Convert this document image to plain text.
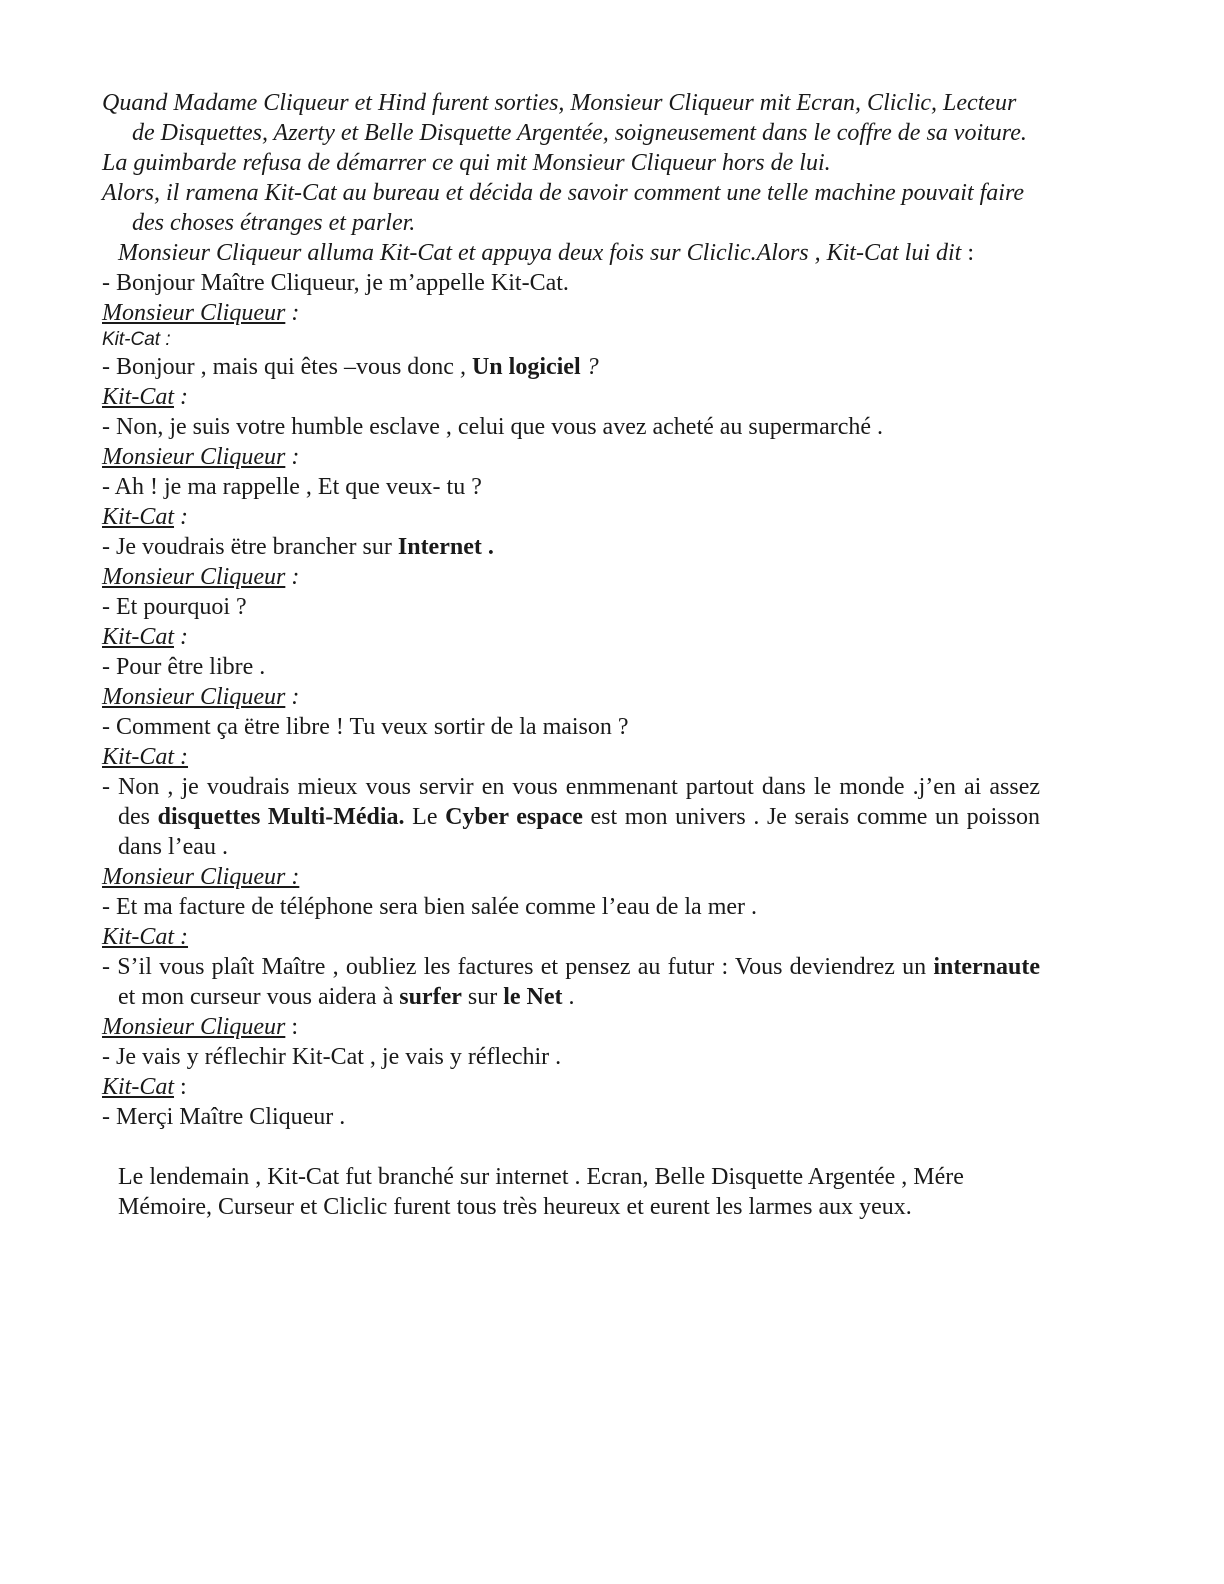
Quand Madame Cliqueur et Hind furent sorties, Monsieur Cliqueur mit Ecran, Cliclic, Lecteur

de Disquettes, Azerty et Belle Disquette Argentée, soigneusement dans le coffre de sa voiture.

La guimbarde refusa de démarrer ce qui mit Monsieur Cliqueur hors de lui.

Alors, il ramena Kit-Cat au bureau et décida de savoir comment une telle machine pouvait faire

des choses étranges et parler.

Monsieur Cliqueur alluma Kit-Cat et appuya deux fois sur Cliclic.Alors , Kit-Cat lui dit :

- Bonjour Maître Cliqueur, je m’appelle Kit-Cat.

Monsieur Cliqueur :

Kit-Cat :

- Bonjour , mais qui êtes –vous donc , Un logiciel ?

Kit-Cat :

- Non, je suis votre humble esclave , celui que vous avez acheté au supermarché .

Monsieur Cliqueur :

- Ah ! je ma rappelle , Et que veux- tu ?

Kit-Cat :

- Je voudrais ëtre brancher sur Internet .

Monsieur Cliqueur :

- Et pourquoi ?

Kit-Cat :

- Pour être libre .

Monsieur Cliqueur :

- Comment ça ëtre libre ! Tu veux sortir de la maison ?

Kit-Cat :

- Non , je voudrais mieux vous servir en vous enmmenant partout dans le monde .j’en ai assez des disquettes Multi-Média. Le Cyber espace est mon univers . Je serais comme un poisson dans l’eau .

Monsieur Cliqueur :

- Et ma facture de téléphone sera bien salée comme l’eau de la mer .

Kit-Cat :

- S’il vous plaît Maître , oubliez les factures et pensez au futur : Vous deviendrez un internaute et mon curseur vous aidera à surfer sur le Net .

Monsieur Cliqueur :

- Je vais y réflechir Kit-Cat , je vais y réflechir .

Kit-Cat :

- Merçi Maître Cliqueur .

Le lendemain , Kit-Cat fut branché sur internet . Ecran, Belle Disquette Argentée , Mére Mémoire, Curseur et Cliclic furent tous très heureux et eurent les larmes aux yeux.
